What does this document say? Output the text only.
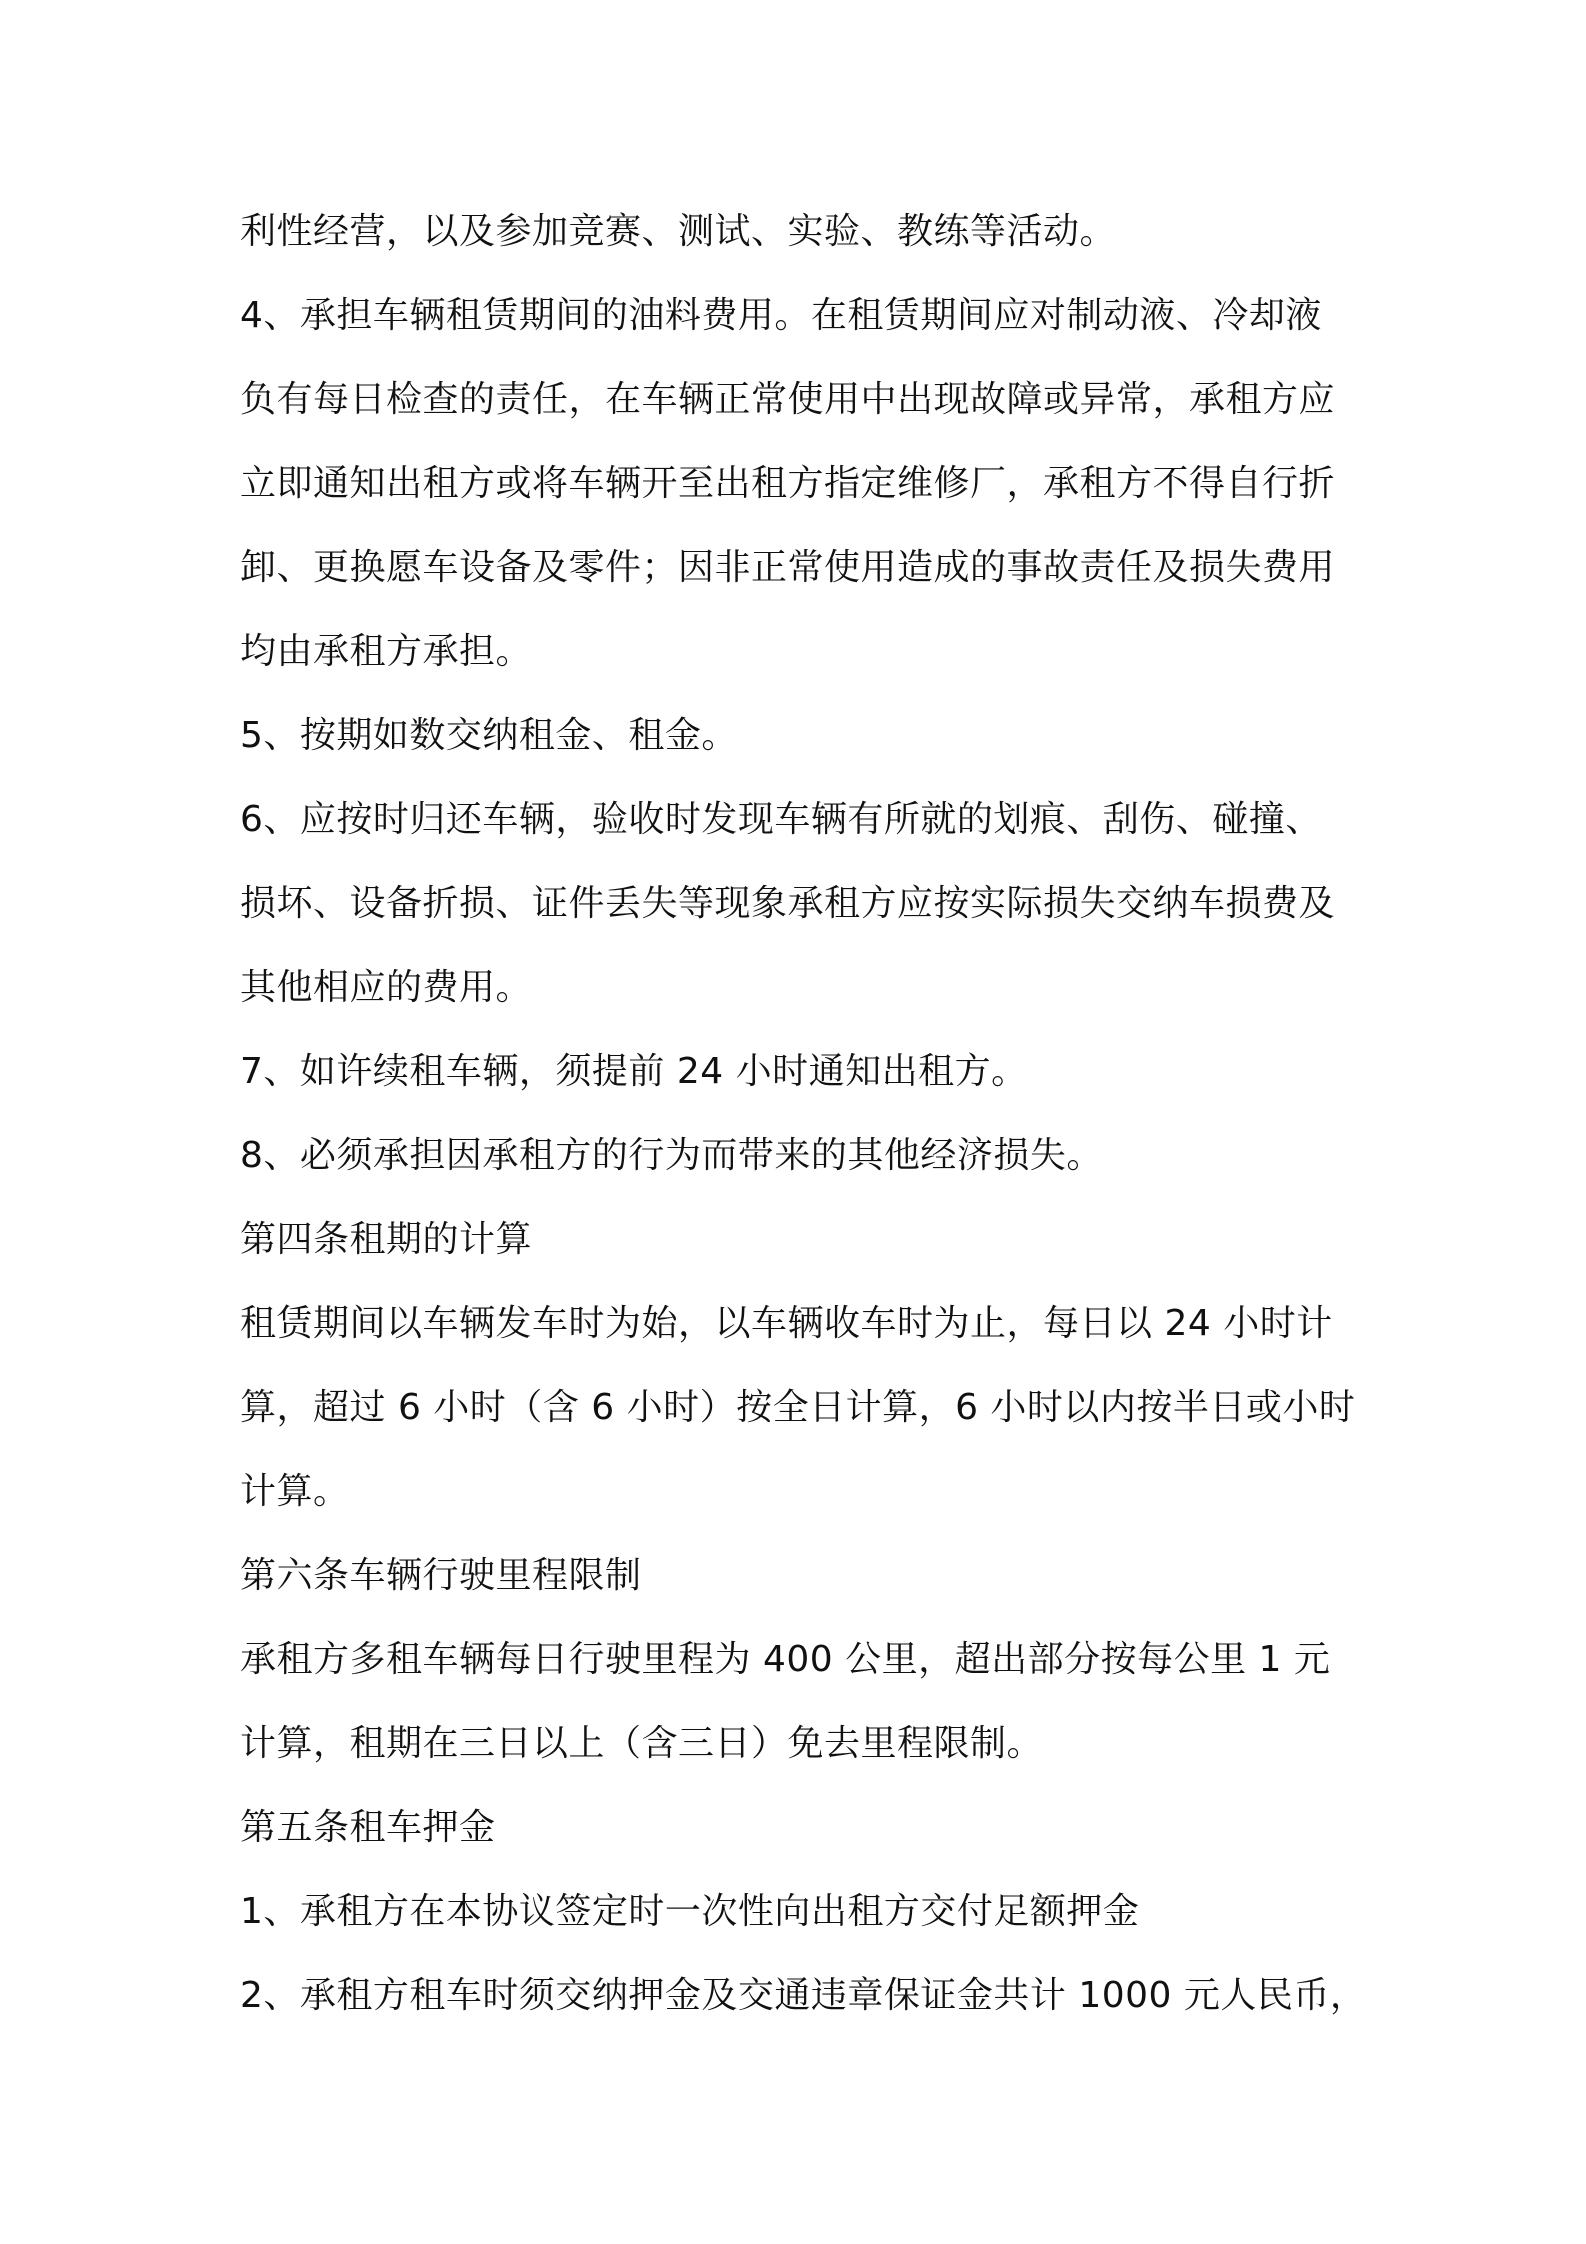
利性经营，以及参加竞赛、测试、实验、教练等活动。
4、承担车辆租赁期间的油料费用。在租赁期间应对制动液、冷却液
负有每日检查的责任，在车辆正常使用中出现故障或异常，承租方应
立即通知出租方或将车辆开至出租方指定维修厂，承租方不得自行折
卸、更换愿车设备及零件；因非正常使用造成的事故责任及损失费用
均由承租方承担。
5、按期如数交纳租金、租金。
6、应按时归还车辆，验收时发现车辆有所就的划痕、刮伤、碰撞、
损坏、设备折损、证件丢失等现象承租方应按实际损失交纳车损费及
其他相应的费用。
7、如许续租车辆，须提前 24 小时通知出租方。
8、必须承担因承租方的行为而带来的其他经济损失。
第四条租期的计算
租赁期间以车辆发车时为始，以车辆收车时为止，每日以 24 小时计
算，超过 6 小时（含 6 小时）按全日计算，6 小时以内按半日或小时
计算。
第六条车辆行驶里程限制
承租方多租车辆每日行驶里程为 400 公里，超出部分按每公里 1 元
计算，租期在三日以上（含三日）免去里程限制。
第五条租车押金
1、承租方在本协议签定时一次性向出租方交付足额押金
2、承租方租车时须交纳押金及交通违章保证金共计 1000 元人民币，
